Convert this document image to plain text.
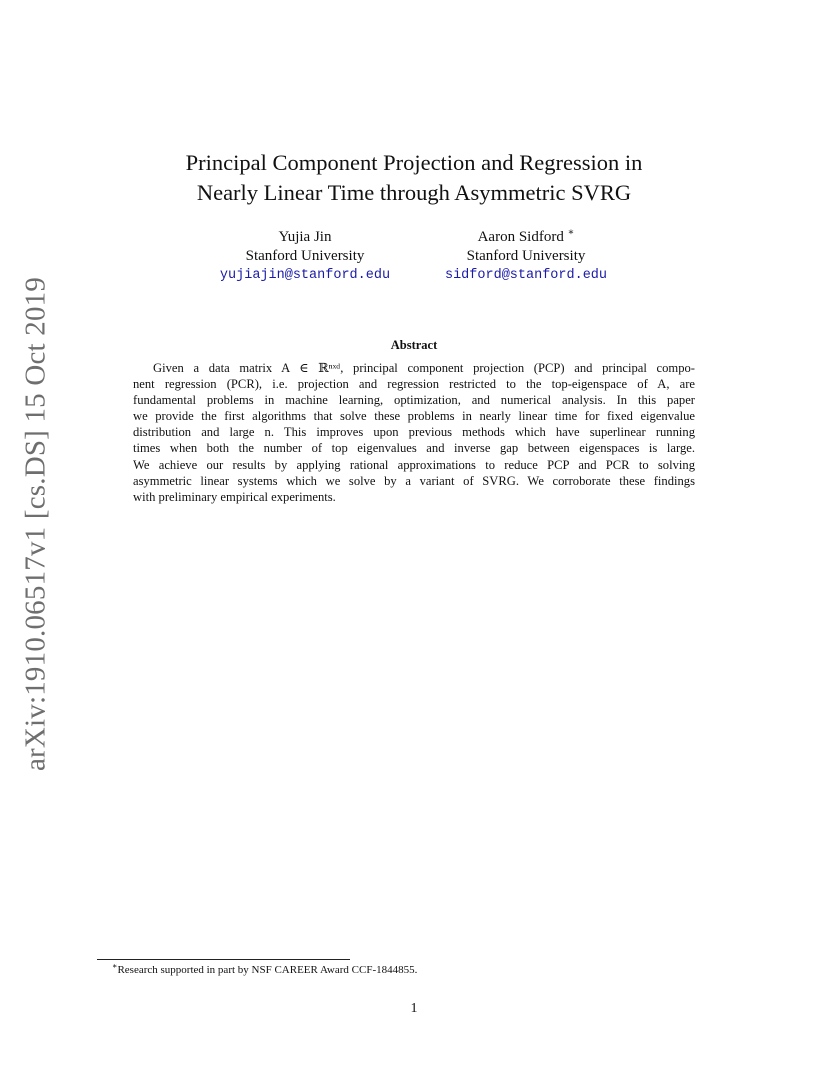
arXiv:1910.06517v1 [cs.DS] 15 Oct 2019
Principal Component Projection and Regression in
Nearly Linear Time through Asymmetric SVRG
Yujia Jin
Stanford University
yujiajin@stanford.edu
Aaron Sidford ∗
Stanford University
sidford@stanford.edu
Abstract
Given a data matrix A ∈ ℝⁿˣᵈ, principal component projection (PCP) and principal compo-
nent regression (PCR), i.e. projection and regression restricted to the top-eigenspace of A, are
fundamental problems in machine learning, optimization, and numerical analysis. In this paper
we provide the first algorithms that solve these problems in nearly linear time for fixed eigenvalue
distribution and large n. This improves upon previous methods which have superlinear running
times when both the number of top eigenvalues and inverse gap between eigenspaces is large.
We achieve our results by applying rational approximations to reduce PCP and PCR to solving
asymmetric linear systems which we solve by a variant of SVRG. We corroborate these findings
with preliminary empirical experiments.
∗Research supported in part by NSF CAREER Award CCF-1844855.
1
